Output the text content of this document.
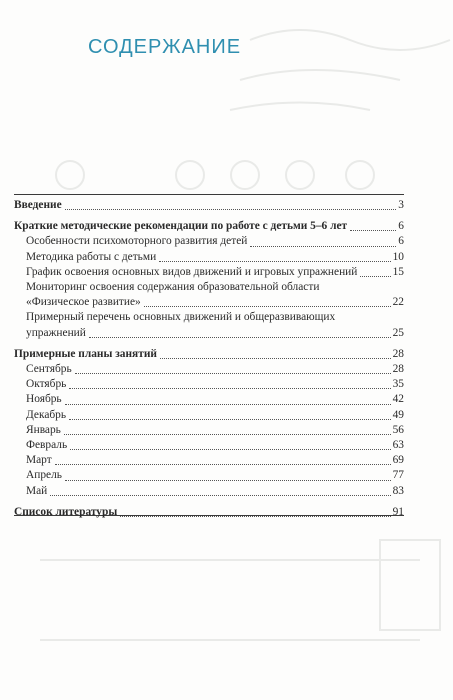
СОДЕРЖАНИЕ
Введение	3
Краткие методические рекомендации по работе с детьми 5–6 лет	6
Особенности психомоторного развития детей	6
Методика работы с детьми	10
График освоения основных видов движений и игровых упражнений	15
Мониторинг освоения содержания образовательной области
«Физическое развитие»	22
Примерный перечень основных движений и общеразвивающих
упражнений	25
Примерные планы занятий	28
Сентябрь	28
Октябрь	35
Ноябрь	42
Декабрь	49
Январь	56
Февраль	63
Март	69
Апрель	77
Май	83
Список литературы	91
